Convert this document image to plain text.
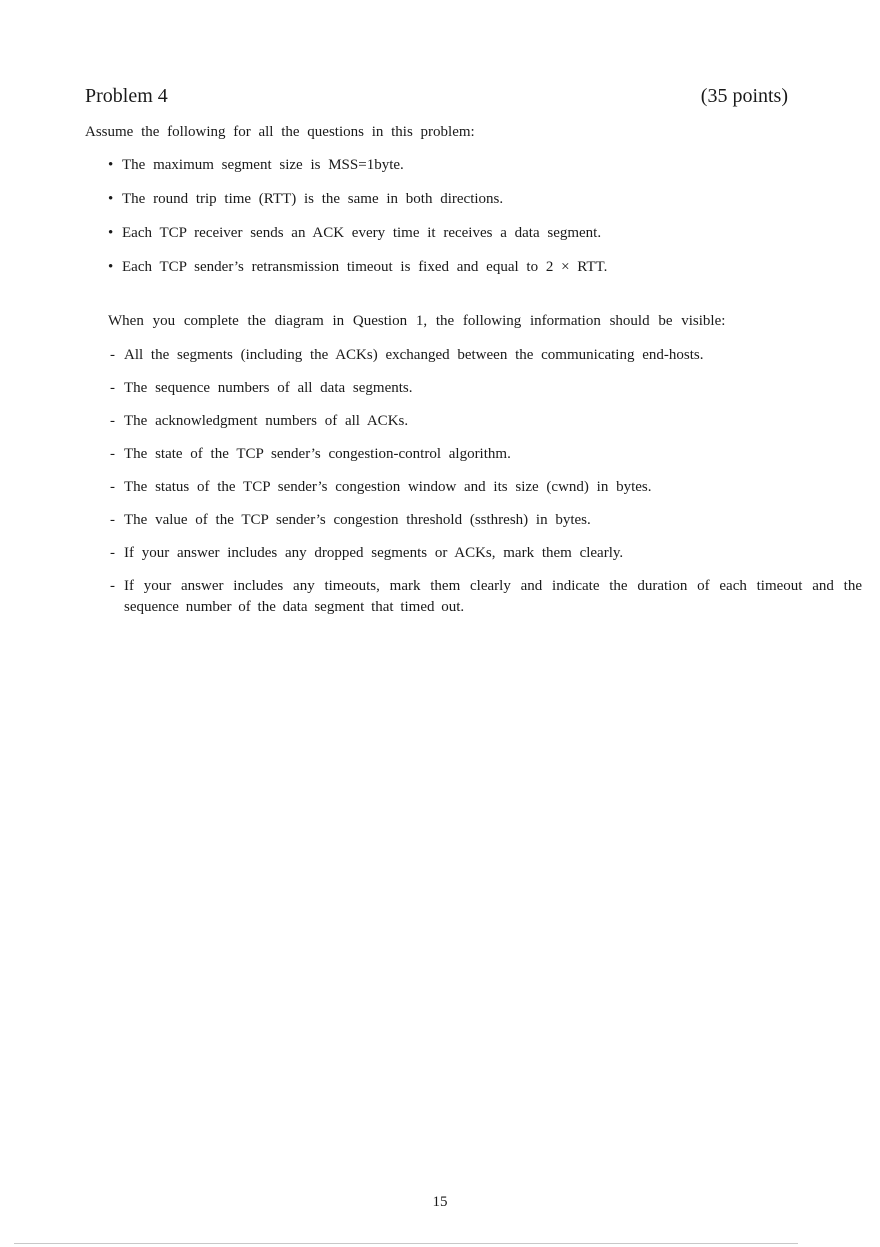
Problem 4	(35 points)
Assume the following for all the questions in this problem:
• The maximum segment size is MSS=1byte.
• The round trip time (RTT) is the same in both directions.
• Each TCP receiver sends an ACK every time it receives a data segment.
• Each TCP sender’s retransmission timeout is fixed and equal to 2 × RTT.
When you complete the diagram in Question 1, the following information should be visible:
- All the segments (including the ACKs) exchanged between the communicating end-hosts.
- The sequence numbers of all data segments.
- The acknowledgment numbers of all ACKs.
- The state of the TCP sender’s congestion-control algorithm.
- The status of the TCP sender’s congestion window and its size (cwnd) in bytes.
- The value of the TCP sender’s congestion threshold (ssthresh) in bytes.
- If your answer includes any dropped segments or ACKs, mark them clearly.
- If your answer includes any timeouts, mark them clearly and indicate the duration of each timeout and the sequence number of the data segment that timed out.
15
